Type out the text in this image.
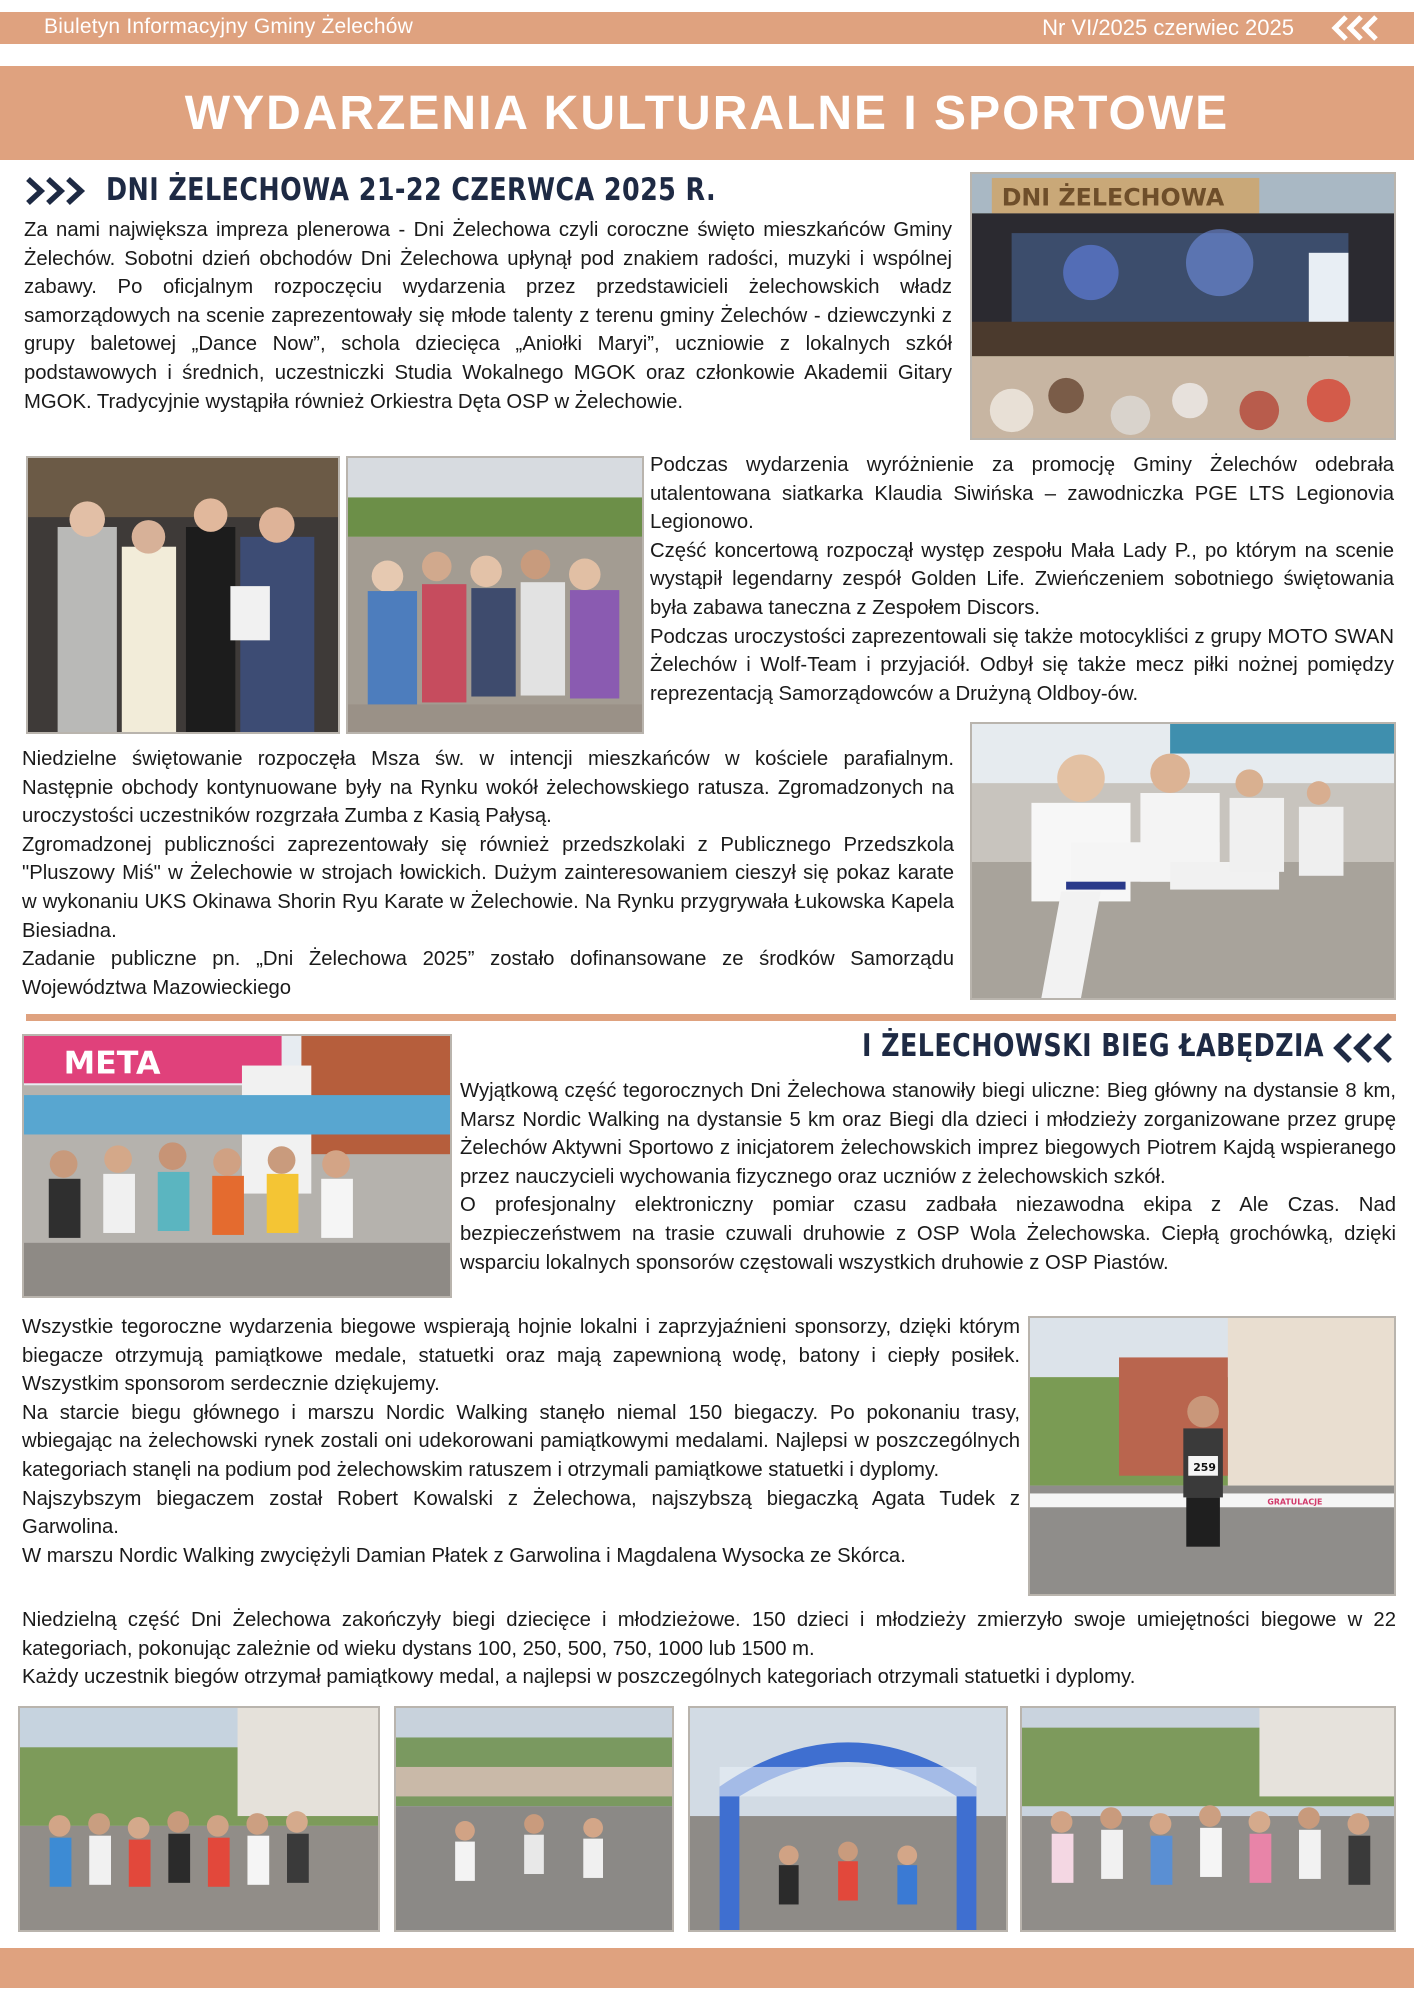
Biuletyn Informacyjny Gminy Żelechów	Nr VI/2025 czerwiec 2025
WYDARZENIA KULTURALNE I SPORTOWE
DNI ŻELECHOWA 21-22 CZERWCA 2025 R.

Za nami największa impreza plenerowa - Dni Żelechowa czyli coroczne święto mieszkańców Gminy Żelechów. Sobotni dzień obchodów Dni Żelechowa upłynął pod znakiem radości, muzyki i wspólnej zabawy. Po oficjalnym rozpoczęciu wydarzenia przez przedstawicieli żelechowskich władz samorządowych na scenie zaprezentowały się młode talenty z terenu gminy Żelechów - dziewczynki z grupy baletowej „Dance Now”, schola dziecięca „Aniołki Maryi”, uczniowie z lokalnych szkół podstawowych i średnich, uczestniczki Studia Wokalnego MGOK oraz członkowie Akademii Gitary MGOK. Tradycyjnie wystąpiła również Orkiestra Dęta OSP w Żelechowie.

DNI ŻELECHOWA

Podczas wydarzenia wyróżnienie za promocję Gminy Żelechów odebrała utalentowana siatkarka Klaudia Siwińska – zawodniczka PGE LTS Legionovia Legionowo.

Część koncertową rozpoczął występ zespołu Mała Lady P., po którym na scenie wystąpił legendarny zespół Golden Life. Zwieńczeniem sobotniego świętowania była zabawa taneczna z Zespołem Discors.

Podczas uroczystości zaprezentowali się także motocykliści z grupy MOTO SWAN Żelechów i Wolf-Team i przyjaciół. Odbył się także mecz piłki nożnej pomiędzy reprezentacją Samorządowców a Drużyną Oldboy-ów.

Niedzielne świętowanie rozpoczęła Msza św. w intencji mieszkańców w kościele parafialnym. Następnie obchody kontynuowane były na Rynku wokół żelechowskiego ratusza. Zgromadzonych na uroczystości uczestników rozgrzała Zumba z Kasią Pałysą.

Zgromadzonej publiczności zaprezentowały się również przedszkolaki z Publicznego Przedszkola "Pluszowy Miś" w Żelechowie w strojach łowickich. Dużym zainteresowaniem cieszył się pokaz karate w wykonaniu UKS Okinawa Shorin Ryu Karate w Żelechowie. Na Rynku przygrywała Łukowska Kapela Biesiadna.

Zadanie publiczne pn. „Dni Żelechowa 2025” zostało dofinansowane ze środków Samorządu Województwa Mazowieckiego

META	I ŻELECHOWSKI BIEG ŁABĘDZIA

Wyjątkową część tegorocznych Dni Żelechowa stanowiły biegi uliczne: Bieg główny na dystansie 8 km, Marsz Nordic Walking na dystansie 5 km oraz Biegi dla dzieci i młodzieży zorganizowane przez grupę Żelechów Aktywni Sportowo z inicjatorem żelechowskich imprez biegowych Piotrem Kajdą wspieranego przez nauczycieli wychowania fizycznego oraz uczniów z żelechowskich szkół.

O profesjonalny elektroniczny pomiar czasu zadbała niezawodna ekipa z Ale Czas. Nad bezpieczeństwem na trasie czuwali druhowie z OSP Wola Żelechowska. Ciepłą grochówką, dzięki wsparciu lokalnych sponsorów częstowali wszystkich druhowie z OSP Piastów.

Wszystkie tegoroczne wydarzenia biegowe wspierają hojnie lokalni i zaprzyjaźnieni sponsorzy, dzięki którym biegacze otrzymują pamiątkowe medale, statuetki oraz mają zapewnioną wodę, batony i ciepły posiłek. Wszystkim sponsorom serdecznie dziękujemy.

Na starcie biegu głównego i marszu Nordic Walking stanęło niemal 150 biegaczy. Po pokonaniu trasy, wbiegając na żelechowski rynek zostali oni udekorowani pamiątkowymi medalami. Najlepsi w poszczególnych kategoriach stanęli na podium pod żelechowskim ratuszem i otrzymali pamiątkowe statuetki i dyplomy.

Najszybszym biegaczem został Robert Kowalski z Żelechowa, najszybszą biegaczką Agata Tudek z Garwolina.

W marszu Nordic Walking zwyciężyli Damian Płatek z Garwolina i Magdalena Wysocka ze Skórca.

GRATULACJE
259

Niedzielną część Dni Żelechowa zakończyły biegi dziecięce i młodzieżowe. 150 dzieci i młodzieży zmierzyło swoje umiejętności biegowe w 22 kategoriach, pokonując zależnie od wieku dystans 100, 250, 500, 750, 1000 lub 1500 m.

Każdy uczestnik biegów otrzymał pamiątkowy medal, a najlepsi w poszczególnych kategoriach otrzymali statuetki i dyplomy.
